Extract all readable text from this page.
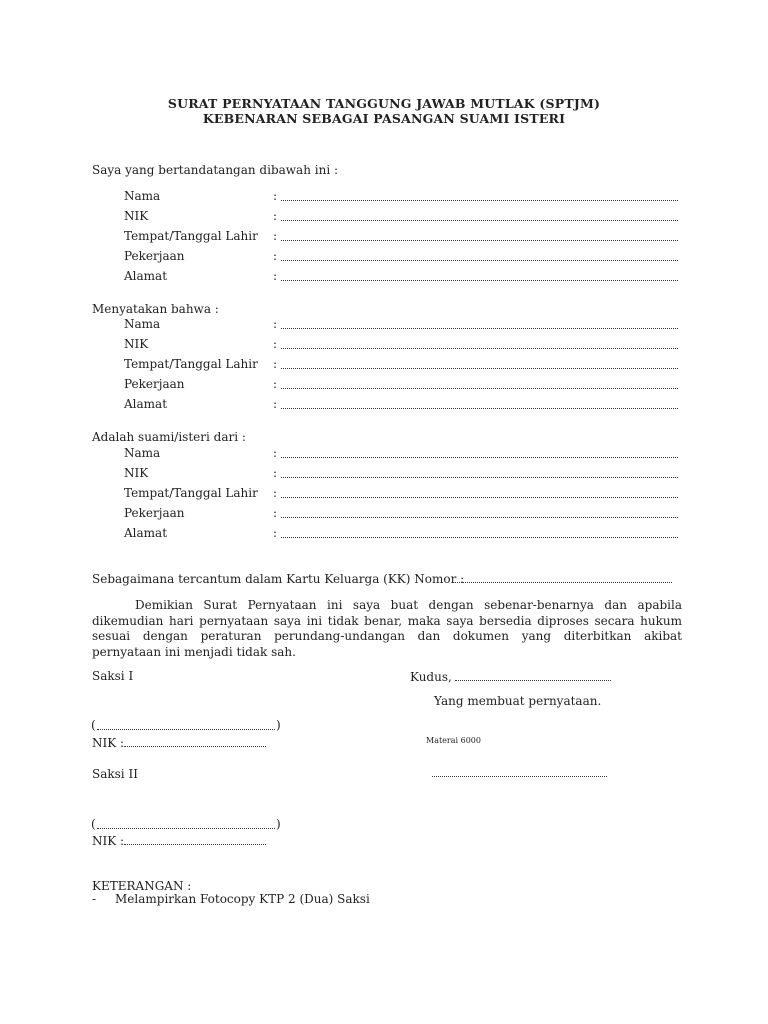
SURAT PERNYATAAN TANGGUNG JAWAB MUTLAK (SPTJM)
KEBENARAN SEBAGAI PASANGAN SUAMI ISTERI
Saya yang bertandatangan dibawah ini :
Nama	:
NIK	:
Tempat/Tanggal Lahir :
Pekerjaan	:
Alamat	:
Menyatakan bahwa :
Nama	:
NIK	:
Tempat/Tanggal Lahir :
Pekerjaan	:
Alamat	:
Adalah suami/isteri dari :
Nama	:
NIK	:
Tempat/Tanggal Lahir :
Pekerjaan	:
Alamat	:
Sebagaimana tercantum dalam Kartu Keluarga (KK) Nomor :
Demikian Surat Pernyataan ini saya buat dengan sebenar-benarnya dan apabila dikemudian hari pernyataan saya ini tidak benar, maka saya bersedia diproses secara hukum sesuai dengan peraturan perundang-undangan dan dokumen yang diterbitkan akibat pernyataan ini menjadi tidak sah.
Saksi I
(	)
NIK :
Kudus,
Yang membuat pernyataan.
Materai 6000
Saksi II
(	)
NIK :
KETERANGAN :
- Melampirkan Fotocopy KTP 2 (Dua) Saksi
